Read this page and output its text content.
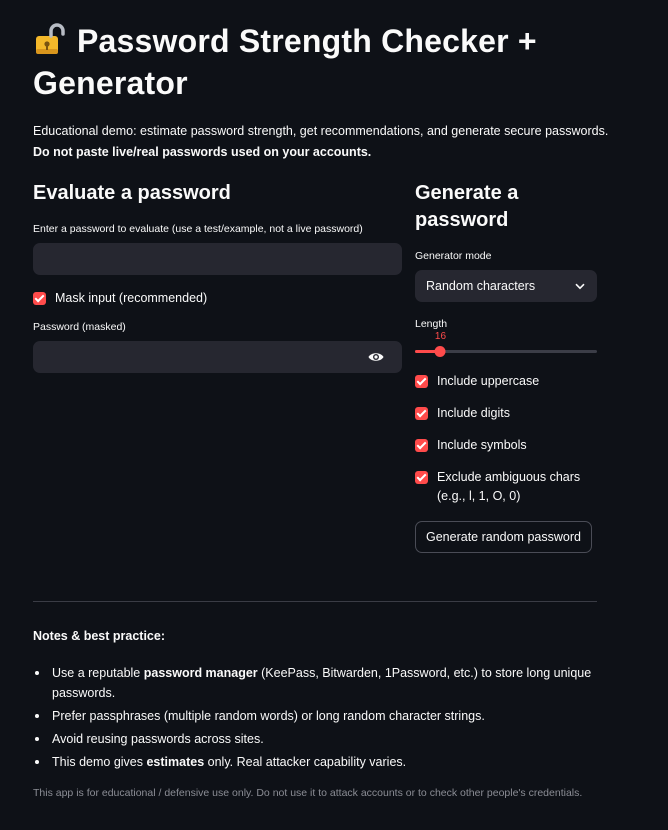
Password Strength Checker + Generator
Educational demo: estimate password strength, get recommendations, and generate secure passwords.
Do not paste live/real passwords used on your accounts.
Evaluate a password
Enter a password to evaluate (use a test/example, not a live password)
Mask input (recommended)
Password (masked)
Generate a password
Generator mode
Random characters
Length
16
Include uppercase
Include digits
Include symbols
Exclude ambiguous chars (e.g., l, 1, O, 0)
Generate random password
Notes & best practice:
Use a reputable password manager (KeePass, Bitwarden, 1Password, etc.) to store long unique passwords.
Prefer passphrases (multiple random words) or long random character strings.
Avoid reusing passwords across sites.
This demo gives estimates only. Real attacker capability varies.
This app is for educational / defensive use only. Do not use it to attack accounts or to check other people's credentials.
